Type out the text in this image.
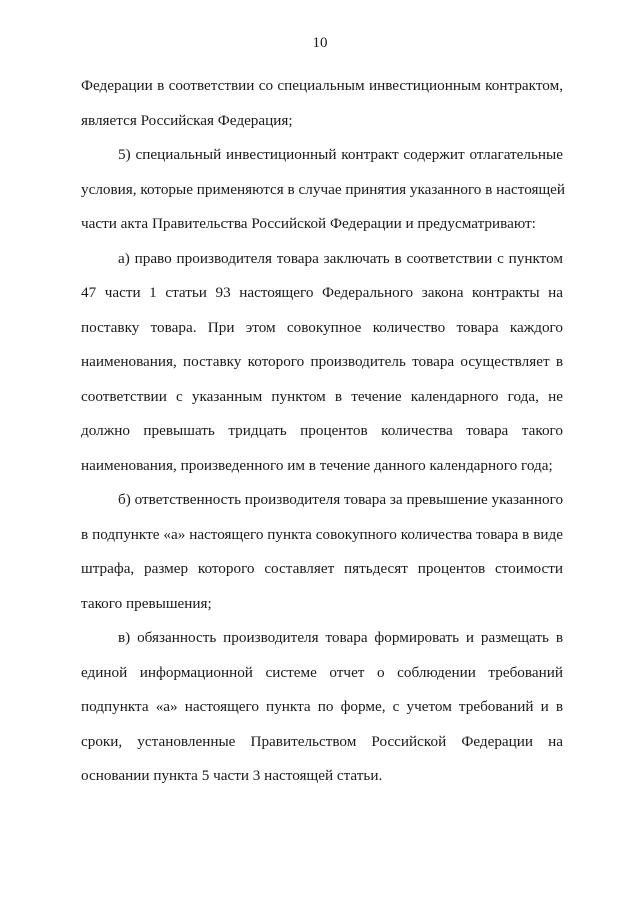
10
Федерации в соответствии со специальным инвестиционным контрактом,
является Российская Федерация;
5) специальный инвестиционный контракт содержит отлагательные
условия, которые применяются в случае принятия указанного в настоящей
части акта Правительства Российской Федерации и предусматривают:
а) право производителя товара заключать в соответствии с пунктом
47 части 1 статьи 93 настоящего Федерального закона контракты на
поставку товара. При этом совокупное количество товара каждого
наименования, поставку которого производитель товара осуществляет в
соответствии с указанным пунктом в течение календарного года, не
должно превышать тридцать процентов количества товара такого
наименования, произведенного им в течение данного календарного года;
б) ответственность производителя товара за превышение указанного
в подпункте «а» настоящего пункта совокупного количества товара в виде
штрафа, размер которого составляет пятьдесят процентов стоимости
такого превышения;
в) обязанность производителя товара формировать и размещать в
единой информационной системе отчет о соблюдении требований
подпункта «а» настоящего пункта по форме, с учетом требований и в
сроки, установленные Правительством Российской Федерации на
основании пункта 5 части 3 настоящей статьи.
